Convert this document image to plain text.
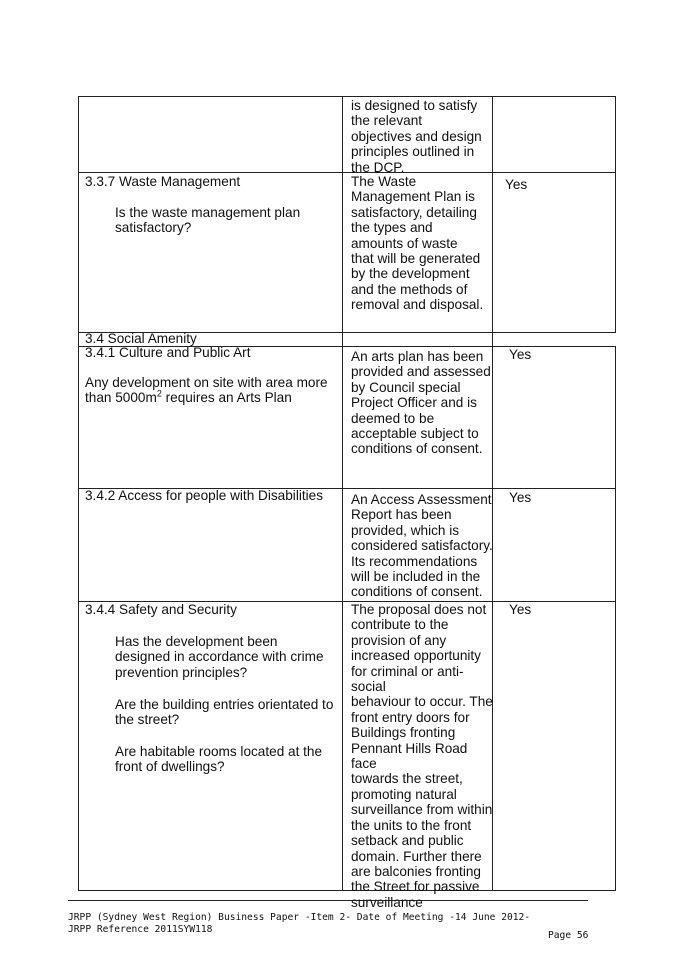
is designed to satisfy
the relevant
objectives and design
principles outlined in
the DCP.
3.3.7 Waste Management
Is the waste management plan
satisfactory?
The Waste
Management Plan is
satisfactory, detailing
the types and
amounts of waste
that will be generated
by the development
and the methods of
removal and disposal.
Yes
3.4 Social Amenity
3.4.1 Culture and Public Art
Any development on site with area more
than $5000m^2$ requires an Arts Plan
An arts plan has been
provided and assessed
by Council special
Project Officer and is
deemed to be
acceptable subject to
conditions of consent.
Yes
3.4.2 Access for people with Disabilities	An Access Assessment
Report has been
provided, which is
considered satisfactory.
Its recommendations
will be included in the
conditions of consent.
Yes
3.4.4 Safety and Security
Has the development been
designed in accordance with crime
prevention principles?
Are the building entries orientated to
the street?
Are habitable rooms located at the
front of dwellings?
The proposal does not
contribute to the
provision of any
increased opportunity
for criminal or anti-social
behaviour to occur. The
front entry doors for
Buildings fronting
Pennant Hills Road face
towards the street,
promoting natural
surveillance from within
the units to the front
setback and public
domain. Further there
are balconies fronting
the Street for passive
surveillance
Yes
JRPP (Sydney West Region) Business Paper -Item 2- Date of Meeting -14 June 2012-
JRPP Reference 2011SYW118
Page 56
